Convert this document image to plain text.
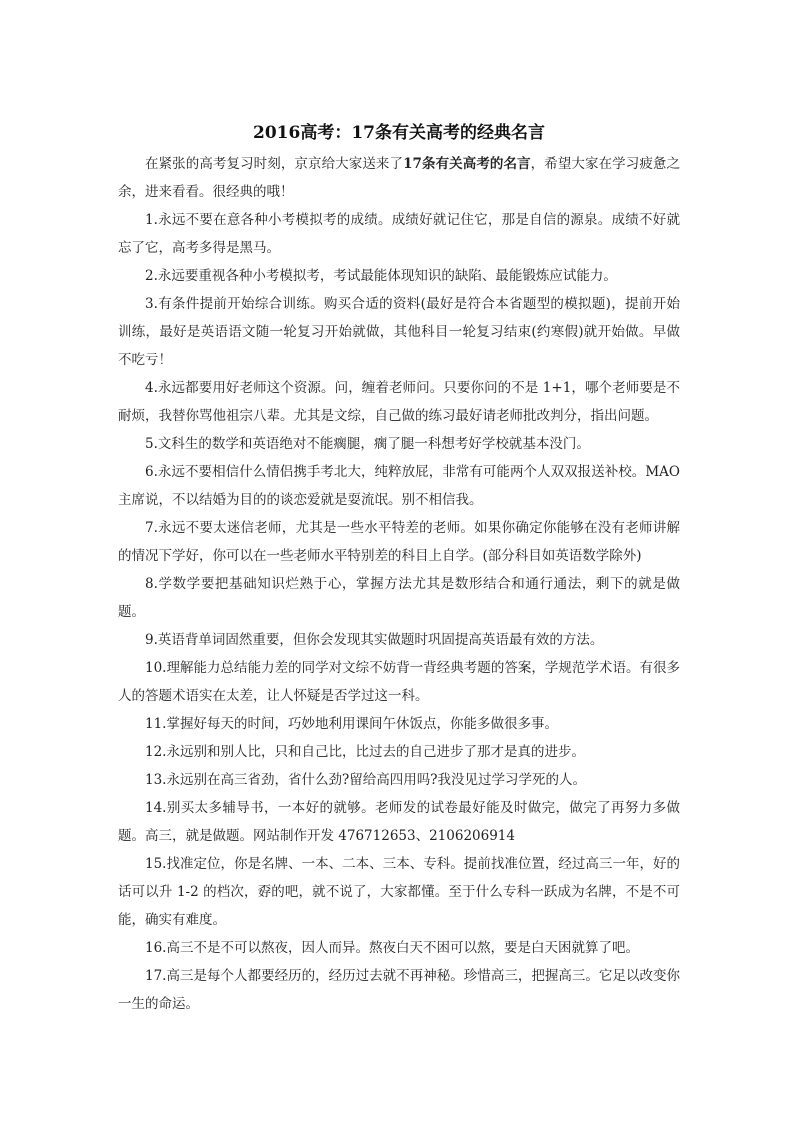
2016高考：17条有关高考的经典名言

在紧张的高考复习时刻，京京给大家送来了17条有关高考的名言，希望大家在学习疲惫之余，进来看看。很经典的哦！

1.永远不要在意各种小考模拟考的成绩。成绩好就记住它，那是自信的源泉。成绩不好就忘了它，高考多得是黑马。

2.永远要重视各种小考模拟考，考试最能体现知识的缺陷、最能锻炼应试能力。

3.有条件提前开始综合训练。购买合适的资料(最好是符合本省题型的模拟题)，提前开始训练，最好是英语语文随一轮复习开始就做，其他科目一轮复习结束(约寒假)就开始做。早做不吃亏！

4.永远都要用好老师这个资源。问，缠着老师问。只要你问的不是 1+1，哪个老师要是不耐烦，我替你骂他祖宗八辈。尤其是文综，自己做的练习最好请老师批改判分，指出问题。

5.文科生的数学和英语绝对不能瘸腿，瘸了腿一科想考好学校就基本没门。

6.永远不要相信什么情侣携手考北大，纯粹放屁，非常有可能两个人双双报送补校。MAO主席说，不以结婚为目的的谈恋爱就是耍流氓。别不相信我。

7.永远不要太迷信老师，尤其是一些水平特差的老师。如果你确定你能够在没有老师讲解的情况下学好，你可以在一些老师水平特别差的科目上自学。(部分科目如英语数学除外)

8.学数学要把基础知识烂熟于心，掌握方法尤其是数形结合和通行通法，剩下的就是做题。

9.英语背单词固然重要，但你会发现其实做题时巩固提高英语最有效的方法。

10.理解能力总结能力差的同学对文综不妨背一背经典考题的答案，学规范学术语。有很多人的答题术语实在太差，让人怀疑是否学过这一科。

11.掌握好每天的时间，巧妙地利用课间午休饭点，你能多做很多事。

12.永远别和别人比，只和自己比，比过去的自己进步了那才是真的进步。

13.永远别在高三省劲，省什么劲?留给高四用吗?我没见过学习学死的人。

14.别买太多辅导书，一本好的就够。老师发的试卷最好能及时做完，做完了再努力多做题。高三，就是做题。网站制作开发 476712653、2106206914

15.找准定位，你是名牌、一本、二本、三本、专科。提前找准位置，经过高三一年，好的话可以升 1-2 的档次，孬的吧，就不说了，大家都懂。至于什么专科一跃成为名牌，不是不可能，确实有难度。

16.高三不是不可以熬夜，因人而异。熬夜白天不困可以熬，要是白天困就算了吧。

17.高三是每个人都要经历的，经历过去就不再神秘。珍惜高三，把握高三。它足以改变你一生的命运。
